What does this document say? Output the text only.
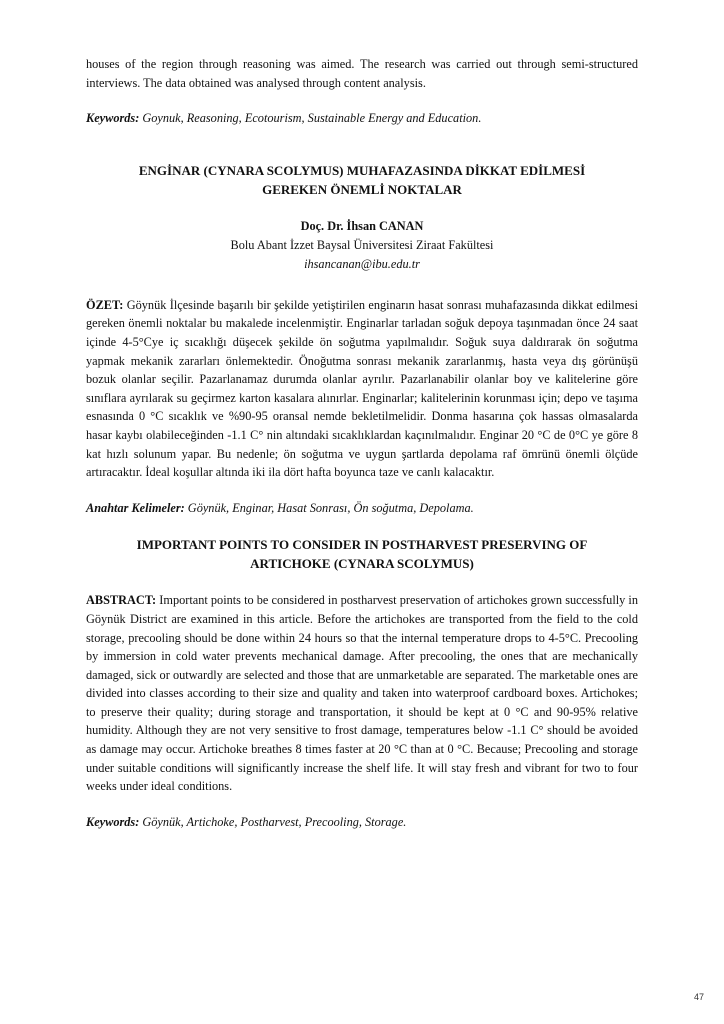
houses of the region through reasoning was aimed. The research was carried out through semi-structured interviews. The data obtained was analysed through content analysis.

Keywords: Goynuk, Reasoning, Ecotourism, Sustainable Energy and Education.

ENGİNAR (CYNARA SCOLYMUS) MUHAFAZASINDA DİKKAT EDİLMESİ

GEREKEN ÖNEMLİ NOKTALAR

Doç. Dr. İhsan CANAN

Bolu Abant İzzet Baysal Üniversitesi Ziraat Fakültesi

ihsancanan@ibu.edu.tr

ÖZET: Göynük İlçesinde başarılı bir şekilde yetiştirilen enginarın hasat sonrası muhafazasında dikkat edilmesi gereken önemli noktalar bu makalede incelenmiştir. Enginarlar tarladan soğuk depoya taşınmadan önce 24 saat içinde 4-5°Cye iç sıcaklığı düşecek şekilde ön soğutma yapılmalıdır. Soğuk suya daldırarak ön soğutma yapmak mekanik zararları önlemektedir. Önoğutma sonrası mekanik zararlanmış, hasta veya dış görünüşü bozuk olanlar seçilir. Pazarlanamaz durumda olanlar ayrılır. Pazarlanabilir olanlar boy ve kalitelerine göre sınıflara ayrılarak su geçirmez karton kasalara alınırlar. Enginarlar; kalitelerinin korunması için; depo ve taşıma esnasında 0 °C sıcaklık ve %90-95 oransal nemde bekletilmelidir. Donma hasarına çok hassas olmasalarda hasar kaybı olabileceğinden -1.1 C° nin altındaki sıcaklıklardan kaçınılmalıdır. Enginar 20 °C de 0°C ye göre 8 kat hızlı solunum yapar. Bu nedenle; ön soğutma ve uygun şartlarda depolama raf ömrünü önemli ölçüde artıracaktır. İdeal koşullar altında iki ila dört hafta boyunca taze ve canlı kalacaktır.

Anahtar Kelimeler: Göynük, Enginar, Hasat Sonrası, Ön soğutma, Depolama.

IMPORTANT POINTS TO CONSIDER IN POSTHARVEST PRESERVING OF

ARTICHOKE (CYNARA SCOLYMUS)

ABSTRACT: Important points to be considered in postharvest preservation of artichokes grown successfully in Göynük District are examined in this article. Before the artichokes are transported from the field to the cold storage, precooling should be done within 24 hours so that the internal temperature drops to 4-5°C. Precooling by immersion in cold water prevents mechanical damage. After precooling, the ones that are mechanically damaged, sick or outwardly are selected and those that are unmarketable are separated. The marketable ones are divided into classes according to their size and quality and taken into waterproof cardboard boxes. Artichokes; to preserve their quality; during storage and transportation, it should be kept at 0 °C and 90-95% relative humidity. Although they are not very sensitive to frost damage, temperatures below -1.1 C° should be avoided as damage may occur. Artichoke breathes 8 times faster at 20 °C than at 0 °C. Because; Precooling and storage under suitable conditions will significantly increase the shelf life. It will stay fresh and vibrant for two to four weeks under ideal conditions.

Keywords: Göynük, Artichoke, Postharvest, Precooling, Storage.

47
